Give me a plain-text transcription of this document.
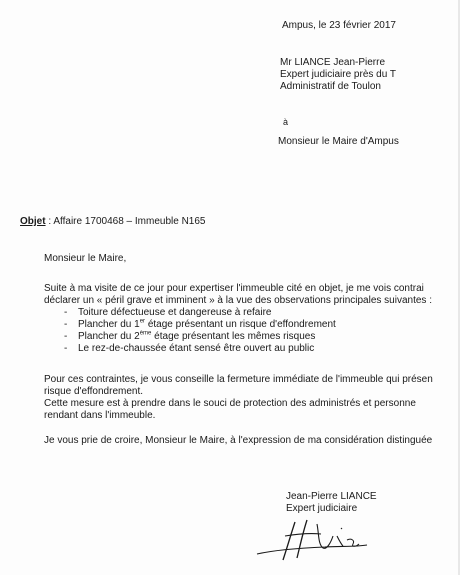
Ampus, le 23 février 2017
Mr LIANCE Jean-Pierre
Expert judiciaire près du T
Administratif de Toulon
à
Monsieur le Maire d'Ampus
Objet : Affaire 1700468 – Immeuble N165
Monsieur le Maire,
Suite à ma visite de ce jour pour expertiser l'immeuble cité en objet, je me vois contrai
déclarer un « péril grave et imminent » à la vue des observations principales suivantes :
-	Toiture défectueuse et dangereuse à refaire
-	Plancher du 1er étage présentant un risque d'effondrement
-	Plancher du 2ème étage présentant les mêmes risques
-	Le rez-de-chaussée étant sensé être ouvert au public
Pour ces contraintes, je vous conseille la fermeture immédiate de l'immeuble qui présen
risque d'effondrement.
Cette mesure est à prendre dans le souci de protection des administrés et personne
rendant dans l'immeuble.
Je vous prie de croire, Monsieur le Maire, à l'expression de ma considération distinguée
Jean-Pierre LIANCE
Expert judiciaire
